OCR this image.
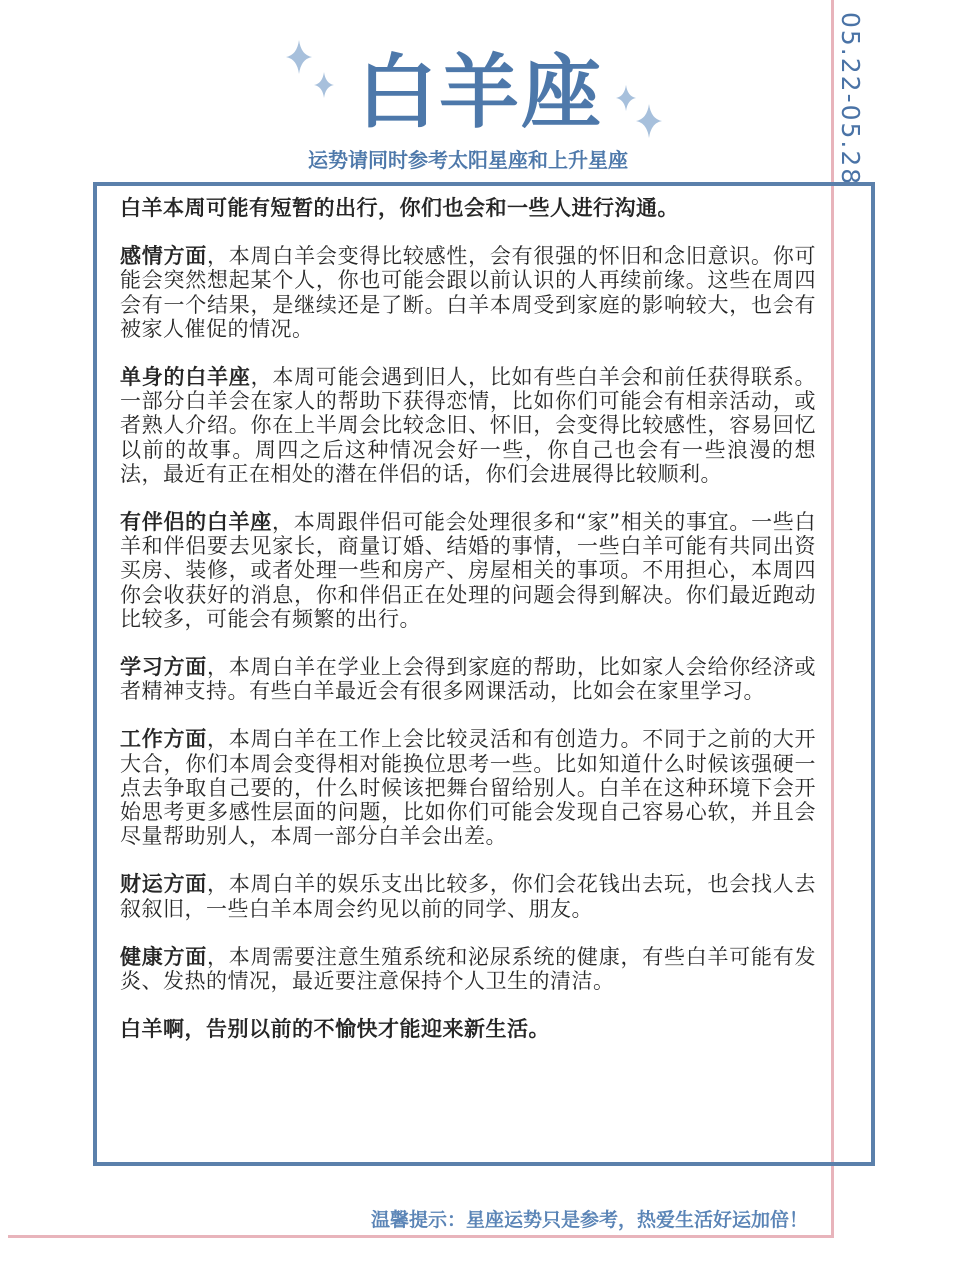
05.22-05.28
白羊座
运势请同时参考太阳星座和上升星座

白羊本周可能有短暂的出行，你们也会和一些人进行沟通。

感情方面，本周白羊会变得比较感性，会有很强的怀旧和念旧意识。你可能会突然想起某个人，你也可能会跟以前认识的人再续前缘。这些在周四会有一个结果，是继续还是了断。白羊本周受到家庭的影响较大，也会有被家人催促的情况。

单身的白羊座，本周可能会遇到旧人，比如有些白羊会和前任获得联系。一部分白羊会在家人的帮助下获得恋情，比如你们可能会有相亲活动，或者熟人介绍。你在上半周会比较念旧、怀旧，会变得比较感性，容易回忆以前的故事。周四之后这种情况会好一些，你自己也会有一些浪漫的想法，最近有正在相处的潜在伴侣的话，你们会进展得比较顺利。

有伴侣的白羊座，本周跟伴侣可能会处理很多和“家”相关的事宜。一些白羊和伴侣要去见家长，商量订婚、结婚的事情，一些白羊可能有共同出资买房、装修，或者处理一些和房产、房屋相关的事项。不用担心，本周四你会收获好的消息，你和伴侣正在处理的问题会得到解决。你们最近跑动比较多，可能会有频繁的出行。

学习方面，本周白羊在学业上会得到家庭的帮助，比如家人会给你经济或者精神支持。有些白羊最近会有很多网课活动，比如会在家里学习。

工作方面，本周白羊在工作上会比较灵活和有创造力。不同于之前的大开大合，你们本周会变得相对能换位思考一些。比如知道什么时候该强硬一点去争取自己要的，什么时候该把舞台留给别人。白羊在这种环境下会开始思考更多感性层面的问题，比如你们可能会发现自己容易心软，并且会尽量帮助别人，本周一部分白羊会出差。

财运方面，本周白羊的娱乐支出比较多，你们会花钱出去玩，也会找人去叙叙旧，一些白羊本周会约见以前的同学、朋友。

健康方面，本周需要注意生殖系统和泌尿系统的健康，有些白羊可能有发炎、发热的情况，最近要注意保持个人卫生的清洁。

白羊啊，告别以前的不愉快才能迎来新生活。

温馨提示：星座运势只是参考，热爱生活好运加倍！
